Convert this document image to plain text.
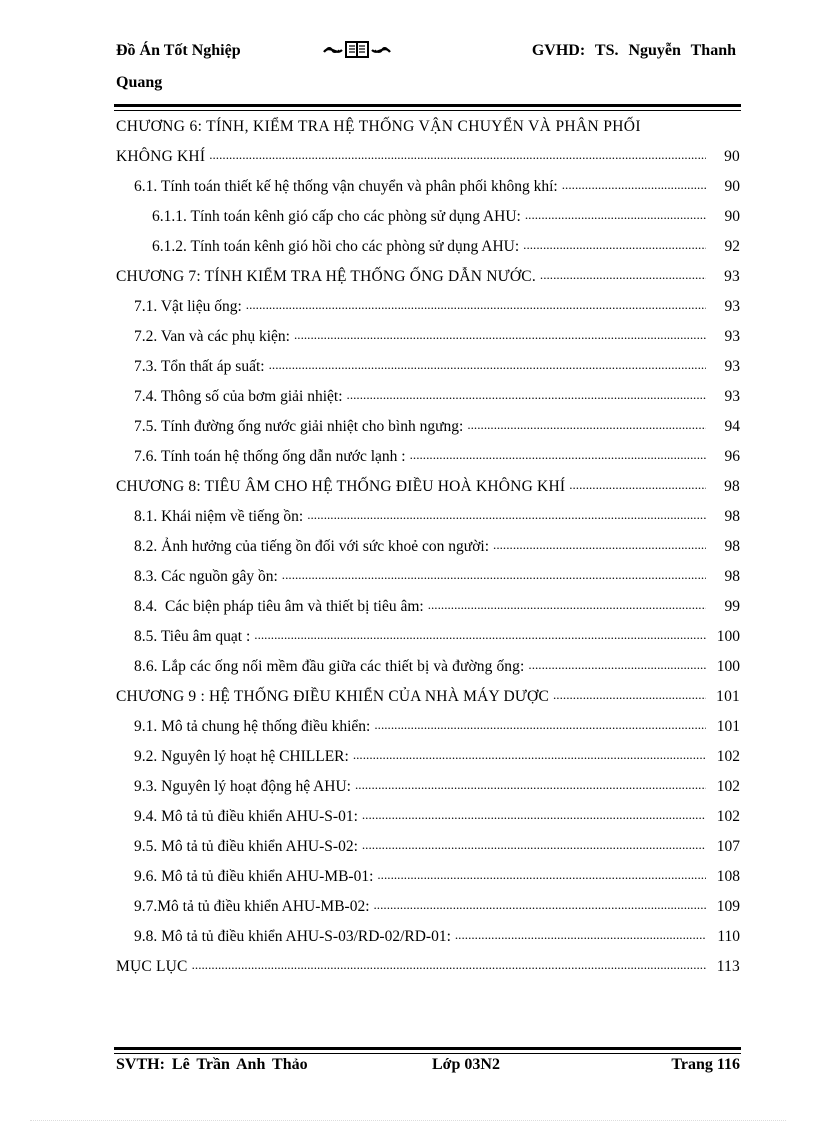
Đồ Án Tốt Nghiệp	GVHD: TS. Nguyễn Thanh
Quang
CHƯƠNG 6: TÍNH, KIỂM TRA HỆ THỐNG VẬN CHUYỂN VÀ PHÂN PHỐI
KHÔNG KHÍ . . .	90
6.1. Tính toán thiết kế hệ thống vận chuyển và phân phối không khí: . . .	90
6.1.1. Tính toán kênh gió cấp cho các phòng sử dụng AHU: . . .	90
6.1.2. Tính toán kênh gió hồi cho các phòng sử dụng AHU: . . .	92
CHƯƠNG 7: TÍNH KIỂM TRA HỆ THỐNG ỐNG DẪN NƯỚC. . . .	93
7.1. Vật liệu ống: . . .	93
7.2. Van và các phụ kiện: . . .	93
7.3. Tổn thất áp suất: . . .	93
7.4. Thông số của bơm giải nhiệt: . . .	93
7.5. Tính đường ống nước giải nhiệt cho bình ngưng: . . .	94
7.6. Tính toán hệ thống ống dẫn nước lạnh : . . .	96
CHƯƠNG 8: TIÊU ÂM CHO HỆ THỐNG ĐIỀU HOÀ KHÔNG KHÍ . . .	98
8.1. Khái niệm về tiếng ồn: . . .	98
8.2. Ảnh hưởng của tiếng ồn đối với sức khoẻ con người: . . .	98
8.3. Các nguồn gây ồn: . . .	98
8.4.  Các biện pháp tiêu âm và thiết bị tiêu âm: . . .	99
8.5. Tiêu âm quạt : . . .	100
8.6. Lắp các ống nối mềm đầu giữa các thiết bị và đường ống: . . .	100
CHƯƠNG 9 : HỆ THỐNG ĐIỀU KHIỂN CỦA NHÀ MÁY DƯỢC . . .	101
9.1. Mô tả chung hệ thống điều khiển: . . .	101
9.2. Nguyên lý hoạt hệ CHILLER: . . .	102
9.3. Nguyên lý hoạt động hệ AHU: . . .	102
9.4. Mô tả tủ điều khiển AHU-S-01: . . .	102
9.5. Mô tả tủ điều khiển AHU-S-02: . . .	107
9.6. Mô tả tủ điều khiển AHU-MB-01: . . .	108
9.7.Mô tả tủ điều khiển AHU-MB-02: . . .	109
9.8. Mô tả tủ điều khiển AHU-S-03/RD-02/RD-01: . . .	110
MỤC LỤC . . .	113
SVTH: Lê Trần Anh Thảo	Lớp 03N2	Trang 116
